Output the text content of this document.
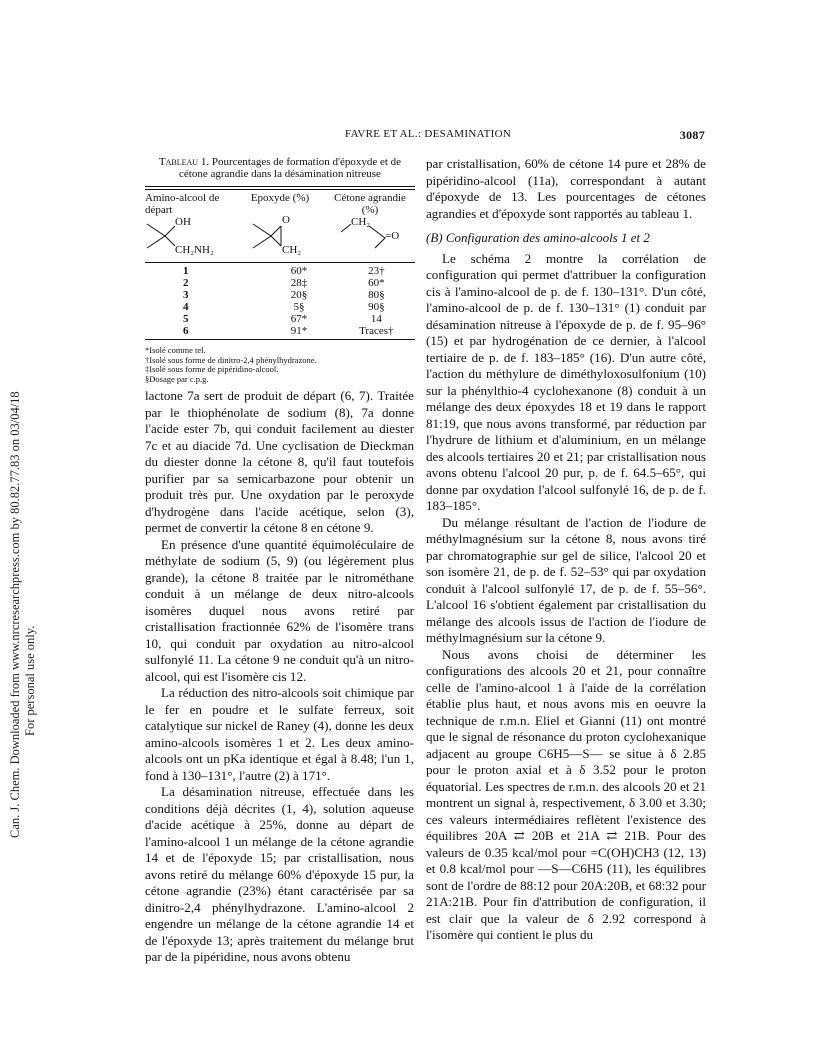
Can. J. Chem. Downloaded from www.nrcresearchpress.com by 80.82.77.83 on 03/04/18 For personal use only.
FAVRE ET AL.: DESAMINATION	3087
Tableau 1. Pourcentages de formation d'époxyde et de cétone agrandie dans la désamination nitreuse
Amino-alcool de départ
Epoxyde (%)	Cétone agrandie (%)
OH
CH₂NH₂
O
CH₂
CH₂
=O
1	60*	23†
2	28‡	60*
3	20§	80§
4	5§	90§
5	67*	14
6	91*	Traces†
*Isolé comme tel.
†Isolé sous forme de dinitro-2,4 phénylhydrazone.
‡Isolé sous forme de pipéridino-alcool.
§Dosage par c.p.g.

lactone 7a sert de produit de départ (6, 7). Traitée par le thiophénolate de sodium (8), 7a donne l'acide ester 7b, qui conduit facilement au diester 7c et au diacide 7d. Une cyclisation de Dieckman du diester donne la cétone 8, qu'il faut toutefois purifier par sa semicarbazone pour obtenir un produit très pur. Une oxydation par le peroxyde d'hydrogène dans l'acide acétique, selon (3), permet de convertir la cétone 8 en cétone 9.

En présence d'une quantité équimoléculaire de méthylate de sodium (5, 9) (ou légèrement plus grande), la cétone 8 traitée par le nitrométhane conduit à un mélange de deux nitro-alcools isomères duquel nous avons retiré par cristallisation fractionnée 62% de l'isomère trans 10, qui conduit par oxydation au nitro-alcool sulfonylé 11. La cétone 9 ne conduit qu'à un nitro-alcool, qui est l'isomère cis 12.

La réduction des nitro-alcools soit chimique par le fer en poudre et le sulfate ferreux, soit catalytique sur nickel de Raney (4), donne les deux amino-alcools isomères 1 et 2. Les deux amino-alcools ont un pKa identique et égal à 8.48; l'un 1, fond à 130–131°, l'autre (2) à 171°.

La désamination nitreuse, effectuée dans les conditions déjà décrites (1, 4), solution aqueuse d'acide acétique à 25%, donne au départ de l'amino-alcool 1 un mélange de la cétone agrandie 14 et de l'époxyde 15; par cristallisation, nous avons retiré du mélange 60% d'époxyde 15 pur, la cétone agrandie (23%) étant caractérisée par sa dinitro-2,4 phénylhydrazone. L'amino-alcool 2 engendre un mélange de la cétone agrandie 14 et de l'époxyde 13; après traitement du mélange brut par de la pipéridine, nous avons obtenu

par cristallisation, 60% de cétone 14 pure et 28% de pipéridino-alcool (11a), correspondant à autant d'époxyde de 13. Les pourcentages de cétones agrandies et d'époxyde sont rapportés au tableau 1.

(B) Configuration des amino-alcools 1 et 2

Le schéma 2 montre la corrélation de configuration qui permet d'attribuer la configuration cis à l'amino-alcool de p. de f. 130–131°. D'un côté, l'amino-alcool de p. de f. 130–131° (1) conduit par désamination nitreuse à l'époxyde de p. de f. 95–96° (15) et par hydrogénation de ce dernier, à l'alcool tertiaire de p. de f. 183–185° (16). D'un autre côté, l'action du méthylure de diméthyloxosulfonium (10) sur la phénylthio-4 cyclohexanone (8) conduit à un mélange des deux époxydes 18 et 19 dans le rapport 81:19, que nous avons transformé, par réduction par l'hydrure de lithium et d'aluminium, en un mélange des alcools tertiaires 20 et 21; par cristallisation nous avons obtenu l'alcool 20 pur, p. de f. 64.5–65°, qui donne par oxydation l'alcool sulfonylé 16, de p. de f. 183–185°.

Du mélange résultant de l'action de l'iodure de méthylmagnésium sur la cétone 8, nous avons tiré par chromatographie sur gel de silice, l'alcool 20 et son isomère 21, de p. de f. 52–53° qui par oxydation conduit à l'alcool sulfonylé 17, de p. de f. 55–56°. L'alcool 16 s'obtient également par cristallisation du mélange des alcools issus de l'action de l'iodure de méthylmagnésium sur la cétone 9.

Nous avons choisi de déterminer les configurations des alcools 20 et 21, pour connaître celle de l'amino-alcool 1 à l'aide de la corrélation établie plus haut, et nous avons mis en oeuvre la technique de r.m.n. Eliel et Gianni (11) ont montré que le signal de résonance du proton cyclohexanique adjacent au groupe C6H5—S— se situe à δ 2.85 pour le proton axial et à δ 3.52 pour le proton équatorial. Les spectres de r.m.n. des alcools 20 et 21 montrent un signal à, respectivement, δ 3.00 et 3.30; ces valeurs intermédiaires reflètent l'existence des équilibres 20A ⇄ 20B et 21A ⇄ 21B. Pour des valeurs de 0.35 kcal/mol pour =C(OH)CH3 (12, 13) et 0.8 kcal/mol pour —S—C6H5 (11), les équilibres sont de l'ordre de 88:12 pour 20A:20B, et 68:32 pour 21A:21B. Pour fin d'attribution de configuration, il est clair que la valeur de δ 2.92 correspond à l'isomère qui contient le plus du
